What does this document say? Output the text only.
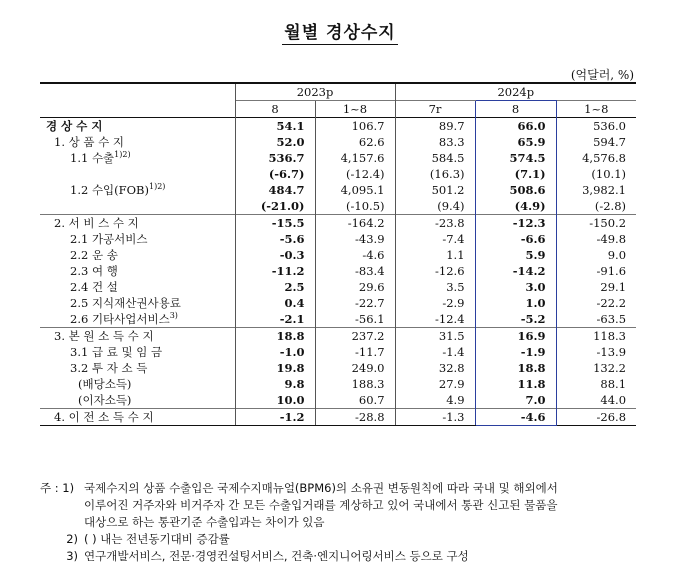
월별 경상수지
(억달러, %)
	2023p		2024p		
	8	1~8	7r	8	1~8
경 상 수 지	54.1	106.7	89.7	66.0	536.0
1. 상 품 수 지	52.0	62.6	83.3	65.9	594.7
1.1 수출$^{1)2)}$	536.7	4,157.6	584.5	574.5	4,576.8
	(-6.7)	(-12.4)	(16.3)	(7.1)	(10.1)
1.2 수입(FOB)$^{1)2)}$	484.7	4,095.1	501.2	508.6	3,982.1
	(-21.0)	(-10.5)	(9.4)	(4.9)	(-2.8)
2. 서 비 스 수 지	-15.5	-164.2	-23.8	-12.3	-150.2
2.1 가공서비스	-5.6	-43.9	-7.4	-6.6	-49.8
2.2 운 송	-0.3	-4.6	1.1	5.9	9.0
2.3 여 행	-11.2	-83.4	-12.6	-14.2	-91.6
2.4 건 설	2.5	29.6	3.5	3.0	29.1
2.5 지식재산권사용료	0.4	-22.7	-2.9	1.0	-22.2
2.6 기타사업서비스$^{3)}$	-2.1	-56.1	-12.4	-5.2	-63.5
3. 본 원 소 득 수 지	18.8	237.2	31.5	16.9	118.3
3.1 급 료 및 임 금	-1.0	-11.7	-1.4	-1.9	-13.9
3.2 투 자 소 득	19.8	249.0	32.8	18.8	132.2
(배당소득)	9.8	188.3	27.9	11.8	88.1
(이자소득)	10.0	60.7	4.9	7.0	44.0
4. 이 전 소 득 수 지	-1.2	-28.8	-1.3	-4.6	-26.8
주 : 1) 국제수지의 상품 수출입은 국제수지매뉴얼(BPM6)의 소유권 변동원칙에 따라 국내 및 해외에서
이루어진 거주자와 비거주자 간 모든 수출입거래를 계상하고 있어 국내에서 통관 신고된 물품을
대상으로 하는 통관기준 수출입과는 차이가 있음
2) ( ) 내는 전년동기대비 증감률
3) 연구개발서비스, 전문·경영컨설팅서비스, 건축·엔지니어링서비스 등으로 구성
